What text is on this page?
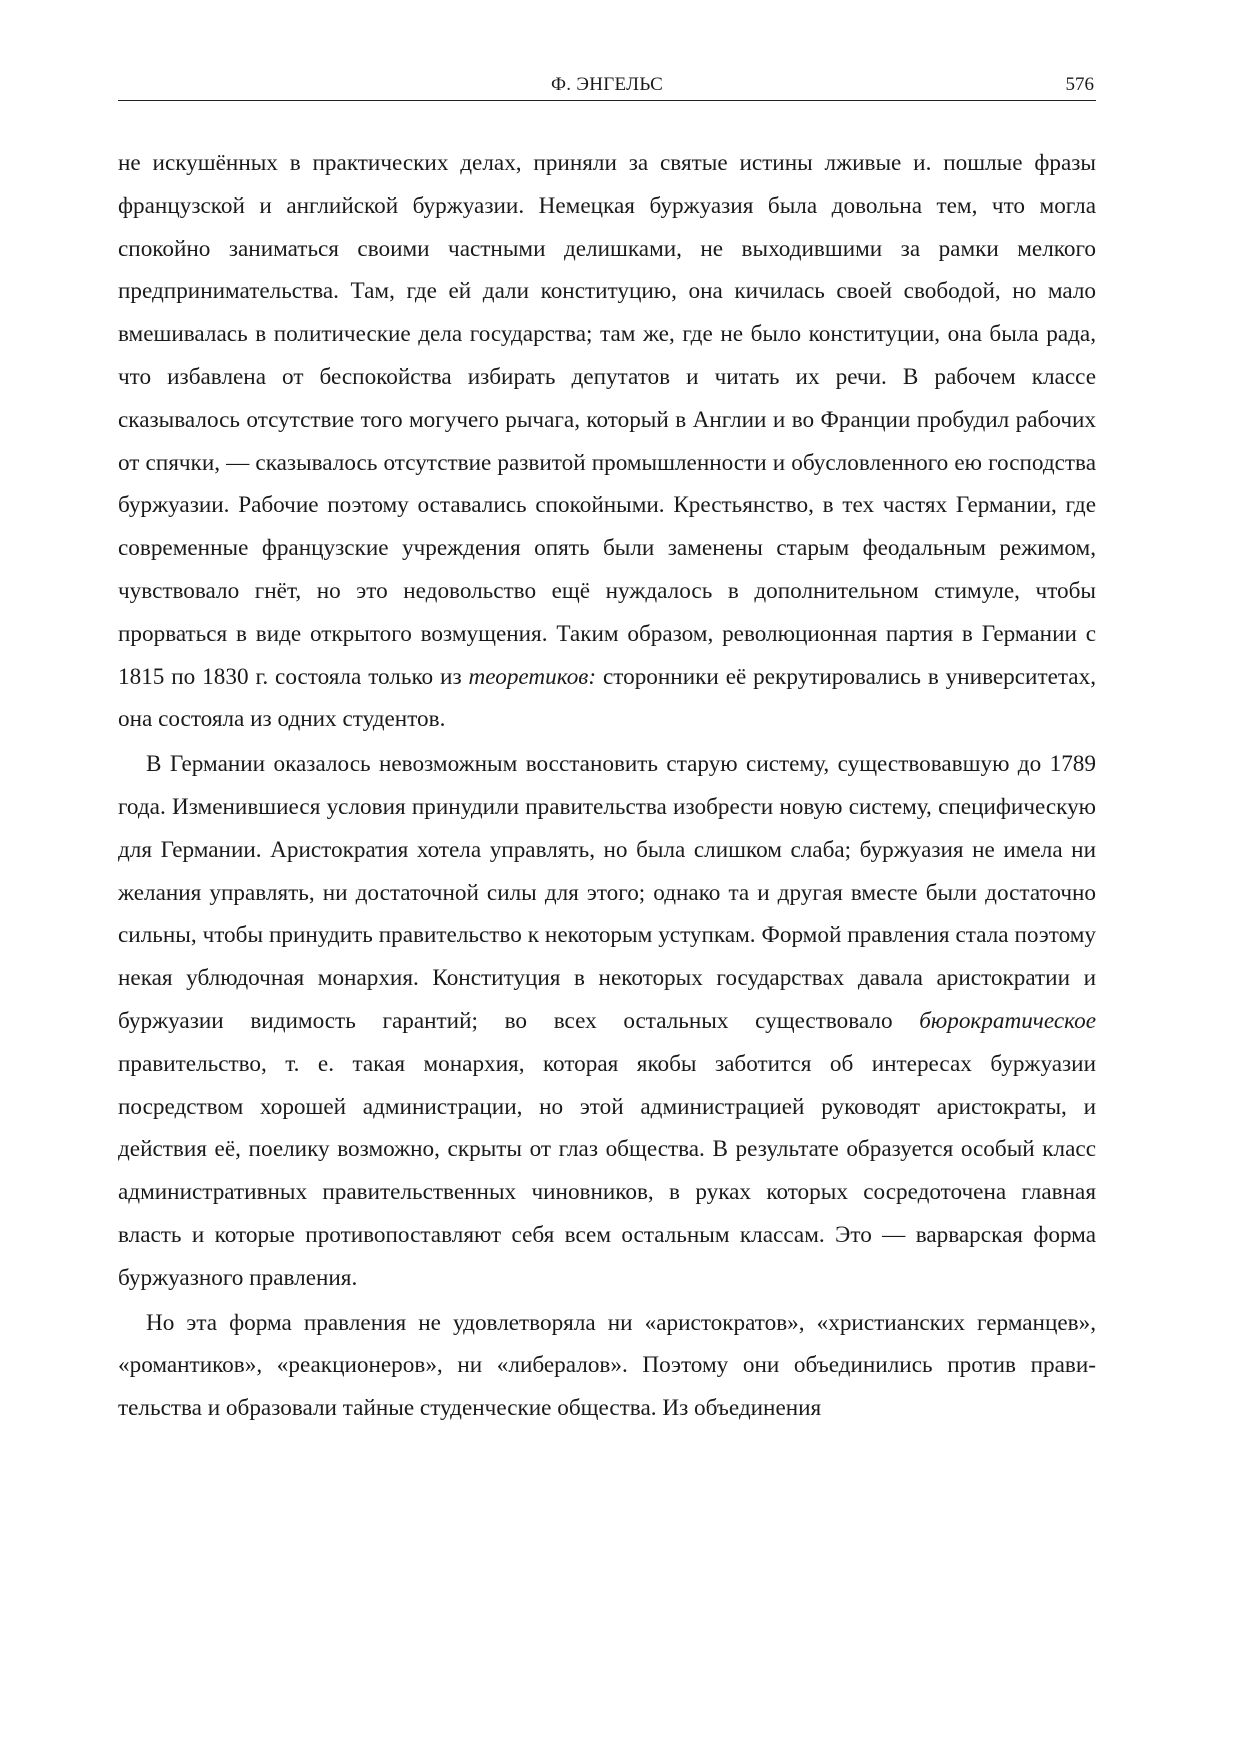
Ф. ЭНГЕЛЬС	576

не искушённых в практических делах, приняли за святые истины лживые и. пошлые фразы французской и английской буржуазии. Немецкая буржуазия была довольна тем, что могла спокойно заниматься своими частными делишками, не выходившими за рамки мелкого предпринимательства. Там, где ей дали конституцию, она кичилась своей свободой, но мало вмешивалась в политические дела государства; там же, где не было конституции, она была рада, что избавлена от беспокойства избирать депутатов и читать их речи. В рабочем классе сказывалось отсутствие того могучего рычага, который в Англии и во Франции пробудил рабочих от спячки, — сказывалось отсутствие развитой промышленности и обусловленного ею господства буржуазии. Рабочие поэтому оставались спокойными. Крестьянство, в тех частях Германии, где современные французские учреждения опять были заменены старым феодальным режимом, чувствовало гнёт, но это недовольство ещё нуждалось в дополнительном стимуле, чтобы прорваться в виде открытого возмущения. Таким образом, революционная партия в Германии с 1815 по 1830 г. состояла только из теоретиков: сторонники её рекрутировались в университетах, она состояла из одних студентов.

В Германии оказалось невозможным восстановить старую систему, существовавшую до 1789 года. Изменившиеся условия принудили правительства изобрести новую систему, специфическую для Германии. Аристократия хотела управлять, но была слишком слаба; буржуазия не имела ни желания управлять, ни достаточной силы для этого; однако та и другая вместе были достаточно сильны, чтобы принудить правительство к некоторым уступкам. Формой правления стала поэтому некая ублюдочная монархия. Конституция в некоторых государствах давала аристократии и буржуазии видимость гарантий; во всех остальных существовало бюрократическое правительство, т. е. такая монархия, которая якобы заботится об интересах буржуазии посредством хорошей администрации, но этой администрацией руководят аристократы, и действия её, поелику возможно, скрыты от глаз общества. В результате образуется особый класс административных правительственных чиновников, в руках которых сосредоточена главная власть и которые противопоставляют себя всем остальным классам. Это — варварская форма буржуазного правления.

Но эта форма правления не удовлетворяла ни «аристократов», «христианских германцев», «романтиков», «реакционеров», ни «либералов». Поэтому они объединились против правительства и образовали тайные студенческие общества. Из объединения
